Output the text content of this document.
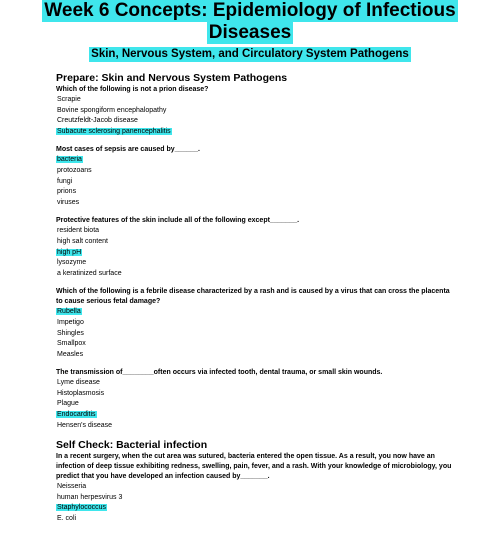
Week 6 Concepts: Epidemiology of Infectious
Diseases
Skin, Nervous System, and Circulatory System Pathogens

Prepare: Skin and Nervous System Pathogens

Which of the following is not a prion disease?

Scrapie

Bovine spongiform encephalopathy

Creutzfeldt-Jacob disease

Subacute sclerosing panencephalitis

Most cases of sepsis are caused by______.

bacteria

protozoans

fungi

prions

viruses

Protective features of the skin include all of the following except_______.

resident biota

high salt content

high pH

lysozyme

a keratinized surface

Which of the following is a febrile disease characterized by a rash and is caused by a virus that can cross the placenta to cause serious fetal damage?

Rubella

Impetigo

Shingles

Smallpox

Measles

The transmission of________often occurs via infected tooth, dental trauma, or small skin wounds.

Lyme disease

Histoplasmosis

Plague

Endocarditis

Hensen's disease

Self Check: Bacterial infection

In a recent surgery, when the cut area was sutured, bacteria entered the open tissue. As a result, you now have an infection of deep tissue exhibiting redness, swelling, pain, fever, and a rash. With your knowledge of microbiology, you predict that you have developed an infection caused by_______.

Neisseria

human herpesvirus 3

Staphylococcus

E. coli
